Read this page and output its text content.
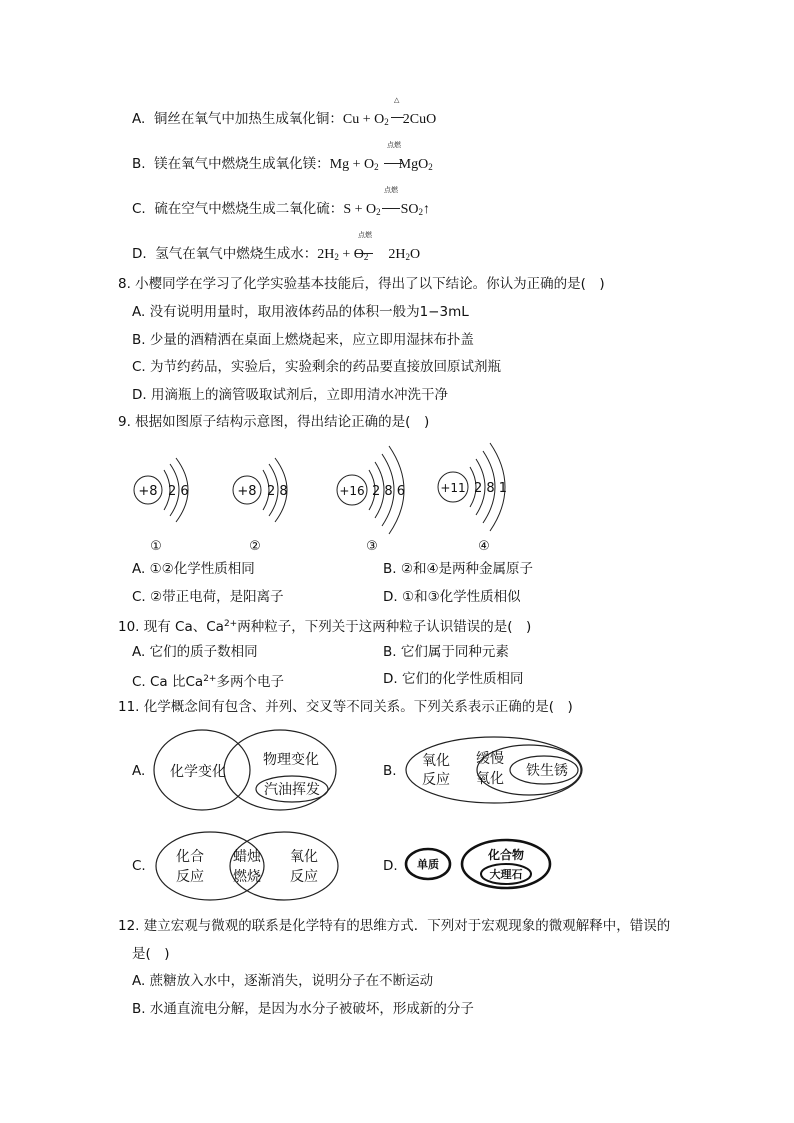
A. 铜丝在氧气中加热生成氧化铜：$Cu + O_2$ 2CuO
△
B. 镁在氧气中燃烧生成氧化镁：$Mg + O_2$ MgO$_2$
点燃
C. 硫在空气中燃烧生成二氧化硫：$S + O_2$ $SO_2↑$
点燃
D. 氢气在氧气中燃烧生成水：$2H_2 + O_2$ $2H_2O$
点燃
8. 小樱同学在学习了化学实验基本技能后，得出了以下结论。你认为正确的是(　)
A. 没有说明用量时，取用液体药品的体积一般为1−3mL
B. 少量的酒精洒在桌面上燃烧起来，应立即用湿抹布扑盖
C. 为节约药品，实验后，实验剩余的药品要直接放回原试剂瓶
D. 用滴瓶上的滴管吸取试剂后，立即用清水冲洗干净
9. 根据如图原子结构示意图，得出结论正确的是(　)
+8 2 6	+8 2 8	+16 2 8 6	+11 2 8 1
①	②	③	④
A. ①②化学性质相同	B. ②和④是两种金属原子
C. ②带正电荷，是阳离子	D. ①和③化学性质相似
10. 现有 Ca、$Ca^{2+}$两种粒子，下列关于这两种粒子认识错误的是(　)
A. 它们的质子数相同	B. 它们属于同种元素
C. Ca 比$Ca^{2+}$多两个电子	D. 它们的化学性质相同
11. 化学概念间有包含、并列、交叉等不同关系。下列关系表示正确的是(　)
A. 化学变化
物理变化
汽油挥发
B.
氧化
反应
缓慢
氧化 铁生锈
C.
化合
反应
蜡烛
燃烧
氧化
反应
D. 单质
化合物
大理石
12. 建立宏观与微观的联系是化学特有的思维方式．下列对于宏观现象的微观解释中，错误的
是(　)
A. 蔗糖放入水中，逐渐消失，说明分子在不断运动
B. 水通直流电分解，是因为水分子被破坏，形成新的分子
